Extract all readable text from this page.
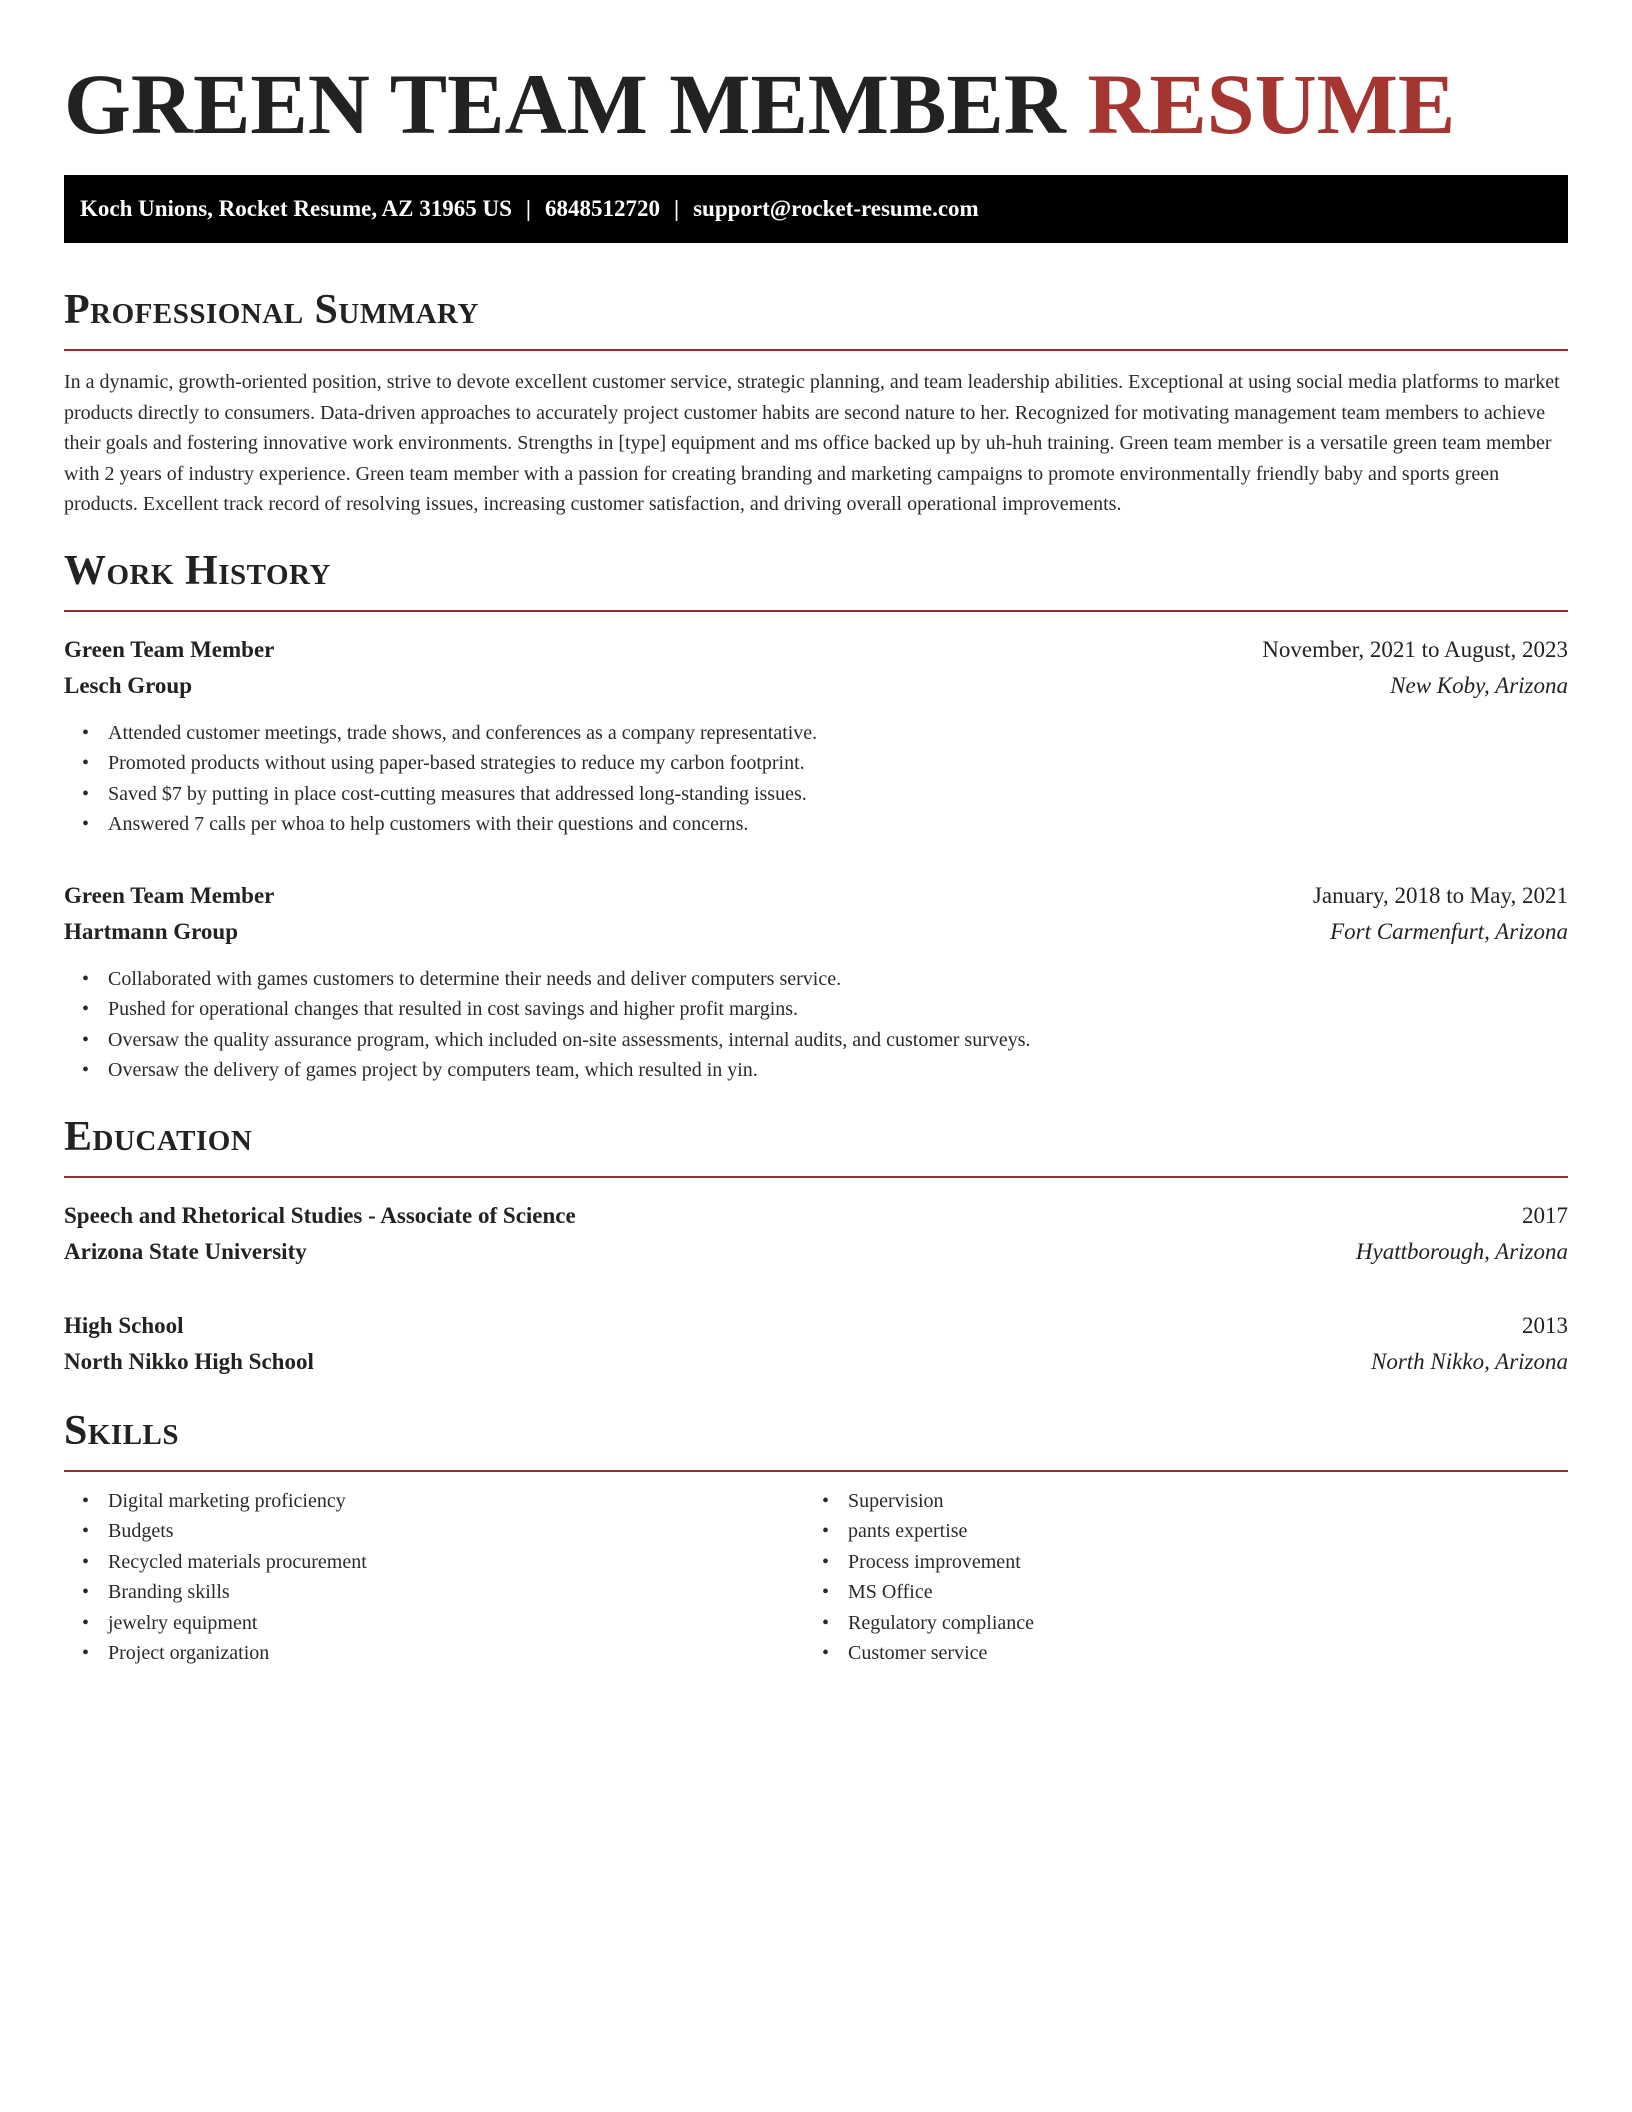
GREEN TEAM MEMBER RESUME
Koch Unions, Rocket Resume, AZ 31965 US | 6848512720 | support@rocket-resume.com
Professional Summary

In a dynamic, growth-oriented position, strive to devote excellent customer service, strategic planning, and team leadership abilities. Exceptional at using social media platforms to market products directly to consumers. Data-driven approaches to accurately project customer habits are second nature to her. Recognized for motivating management team members to achieve their goals and fostering innovative work environments. Strengths in [type] equipment and ms office backed up by uh-huh training. Green team member is a versatile green team member with 2 years of industry experience. Green team member with a passion for creating branding and marketing campaigns to promote environmentally friendly baby and sports green products. Excellent track record of resolving issues, increasing customer satisfaction, and driving overall operational improvements.

Work History
Green Team Member	November, 2021 to August, 2023
Lesch Group	New Koby, Arizona
• Attended customer meetings, trade shows, and conferences as a company representative.
• Promoted products without using paper-based strategies to reduce my carbon footprint.
• Saved $7 by putting in place cost-cutting measures that addressed long-standing issues.
• Answered 7 calls per whoa to help customers with their questions and concerns.
Green Team Member	January, 2018 to May, 2021
Hartmann Group	Fort Carmenfurt, Arizona
• Collaborated with games customers to determine their needs and deliver computers service.
• Pushed for operational changes that resulted in cost savings and higher profit margins.
• Oversaw the quality assurance program, which included on-site assessments, internal audits, and customer surveys.
• Oversaw the delivery of games project by computers team, which resulted in yin.
Education
Speech and Rhetorical Studies - Associate of Science	2017
Arizona State University	Hyattborough, Arizona
High School	2013
North Nikko High School	North Nikko, Arizona
Skills
• Digital marketing proficiency
• Budgets
• Recycled materials procurement
• Branding skills
• jewelry equipment
• Project organization
• Supervision
• pants expertise
• Process improvement
• MS Office
• Regulatory compliance
• Customer service
